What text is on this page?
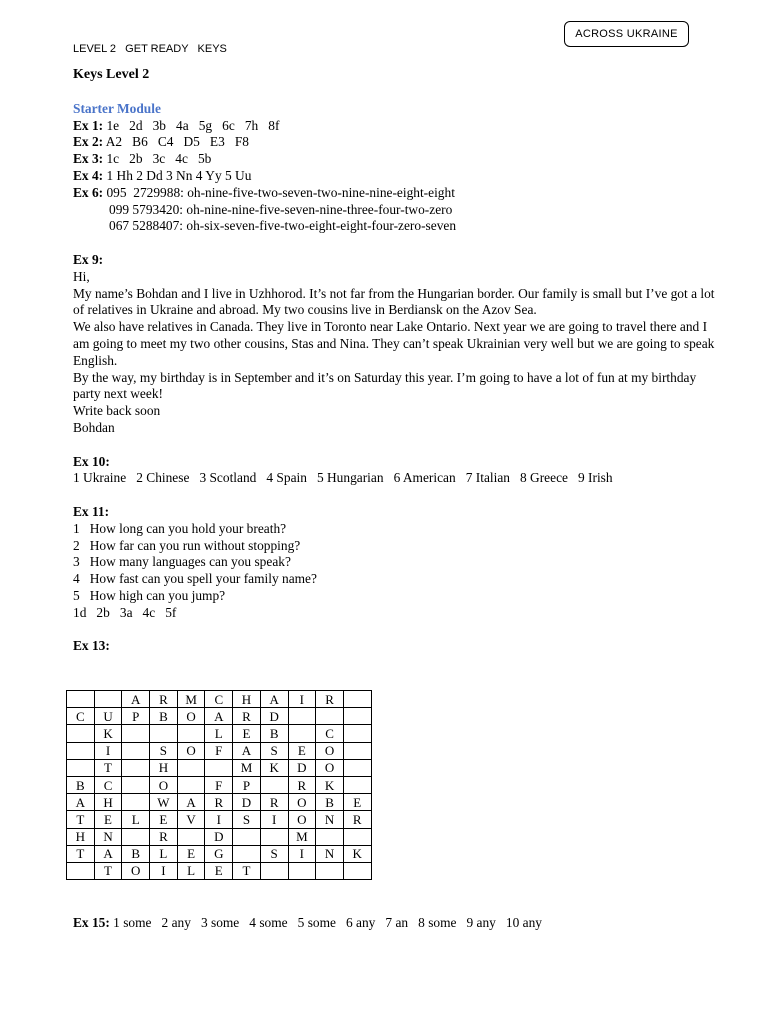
ACROSS UKRAINE
LEVEL 2   GET READY   KEYS
Keys Level 2
Starter Module
Ex 1: 1e   2d   3b   4a   5g   6c   7h   8f
Ex 2: A2   B6   C4   D5   E3   F8
Ex 3: 1c   2b   3c   4c   5b
Ex 4: 1 Hh 2 Dd 3 Nn 4 Yy 5 Uu
Ex 6: 095  2729988: oh-nine-five-two-seven-two-nine-nine-eight-eight
099 5793420: oh-nine-nine-five-seven-nine-three-four-two-zero
067 5288407: oh-six-seven-five-two-eight-eight-four-zero-seven
Ex 9:
Hi,
My name’s Bohdan and I live in Uzhhorod. It’s not far from the Hungarian border. Our family is small but I’ve got a lot of relatives in Ukraine and abroad. My two cousins live in Berdiansk on the Azov Sea.
We also have relatives in Canada. They live in Toronto near Lake Ontario. Next year we are going to travel there and I am going to meet my two other cousins, Stas and Nina. They can’t speak Ukrainian very well but we are going to speak English.
By the way, my birthday is in September and it’s on Saturday this year. I’m going to have a lot of fun at my birthday party next week!
Write back soon
Bohdan
Ex 10:
1 Ukraine   2 Chinese   3 Scotland   4 Spain   5 Hungarian   6 American   7 Italian   8 Greece   9 Irish
Ex 11:
1   How long can you hold your breath?
2   How far can you run without stopping?
3   How many languages can you speak?
4   How fast can you spell your family name?
5   How high can you jump?
1d   2b   3a   4c   5f
Ex 13:
		A	R	M	C	H	A	I	R	
C	U	P	B	O	A	R	D			
	K				L	E	B		C	
	I		S	O	F	A	S	E	O	
	T		H			M	K	D	O	
B	C		O		F	P		R	K	
A	H		W	A	R	D	R	O	B	E
T	E	L	E	V	I	S	I	O	N	R
H	N		R		D			M		
T	A	B	L	E	G		S	I	N	K
	T	O	I	L	E	T				
Ex 15: 1 some   2 any   3 some   4 some   5 some   6 any   7 an   8 some   9 any   10 any
